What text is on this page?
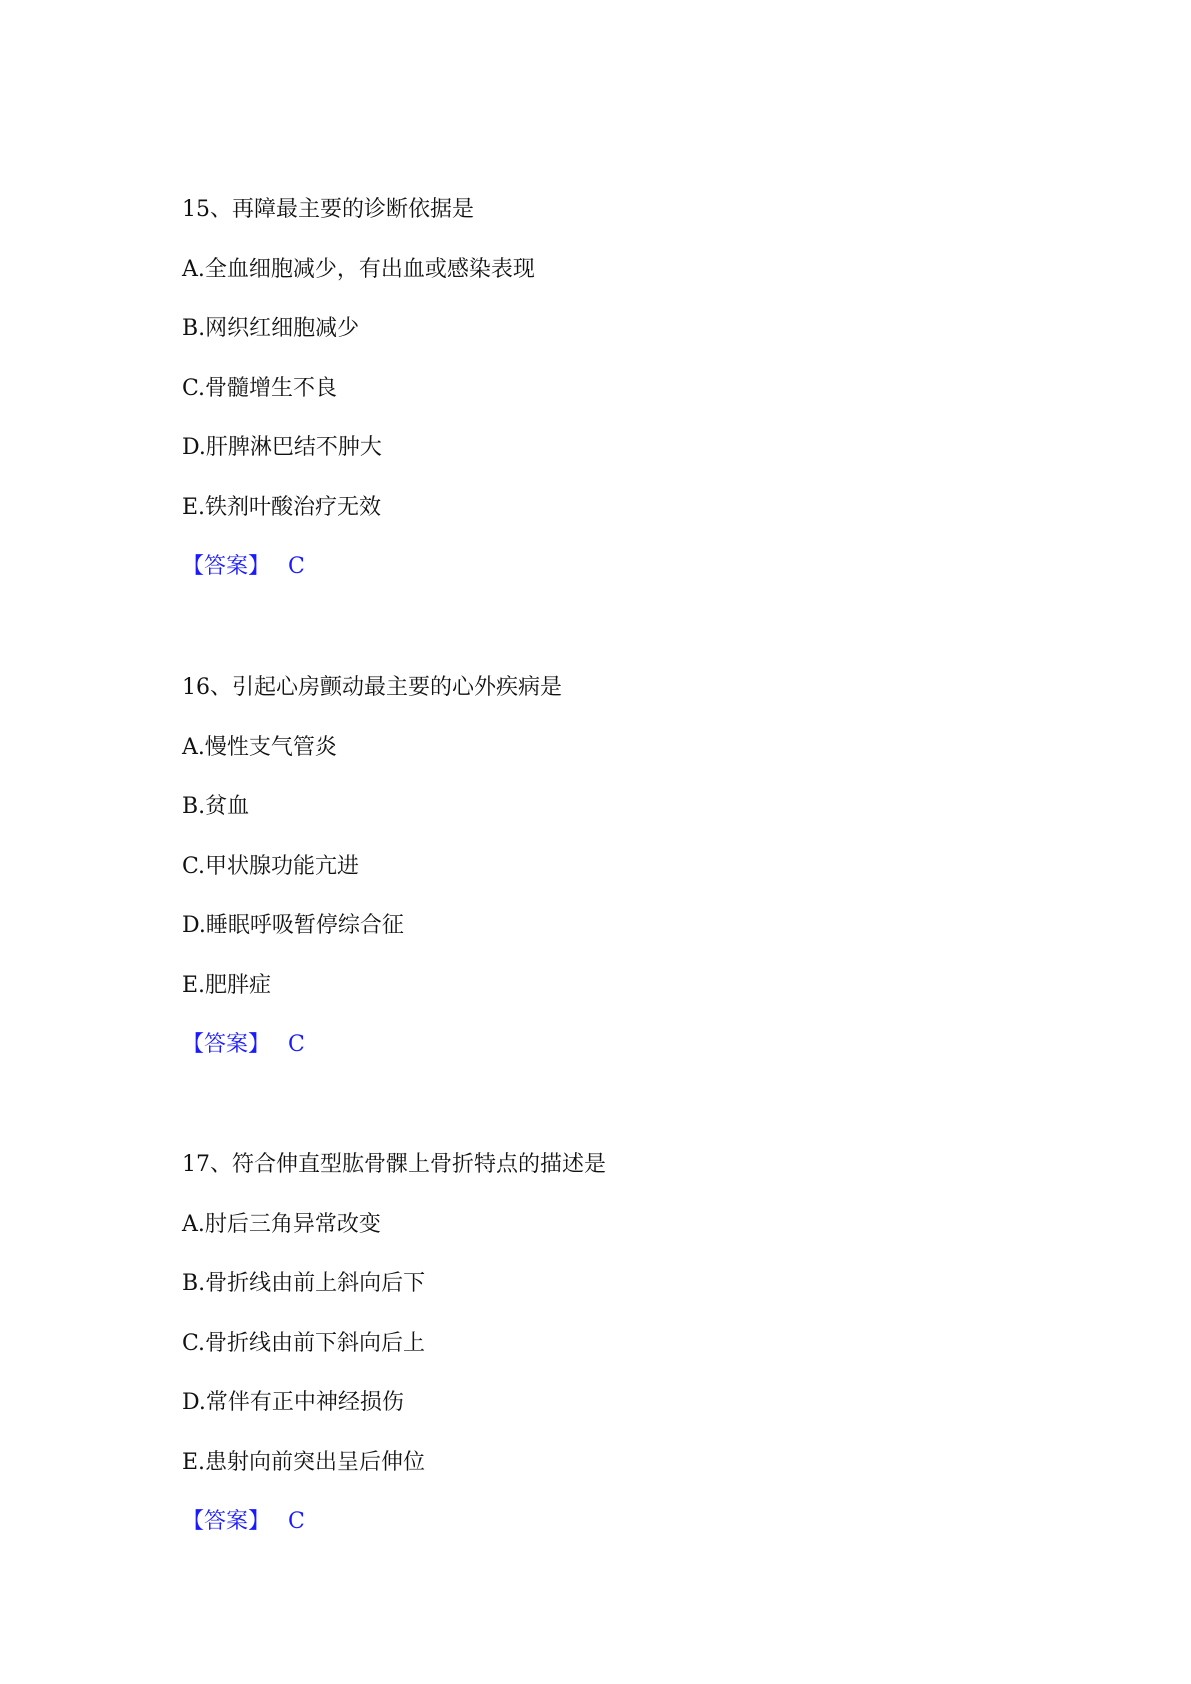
15、再障最主要的诊断依据是
A.全血细胞减少，有出血或感染表现
B.网织红细胞减少
C.骨髓增生不良
D.肝脾淋巴结不肿大
E.铁剂叶酸治疗无效
【答案】 C
16、引起心房颤动最主要的心外疾病是
A.慢性支气管炎
B.贫血
C.甲状腺功能亢进
D.睡眠呼吸暂停综合征
E.肥胖症
【答案】 C
17、符合伸直型肱骨髁上骨折特点的描述是
A.肘后三角异常改变
B.骨折线由前上斜向后下
C.骨折线由前下斜向后上
D.常伴有正中神经损伤
E.患射向前突出呈后伸位
【答案】 C
